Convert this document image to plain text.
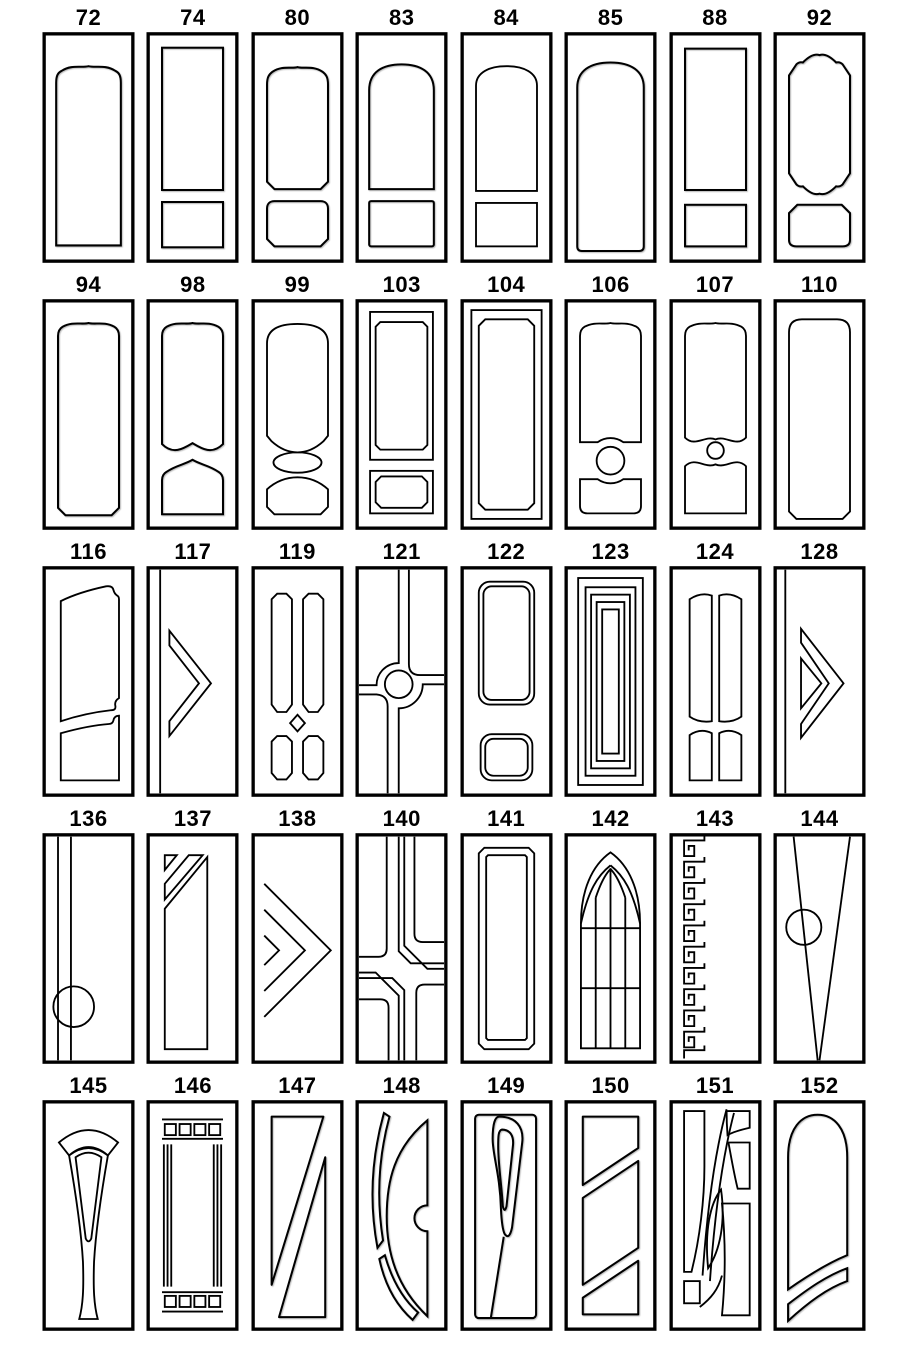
72	74	80	83	84	85	88	92
94	98	99	103	104	106	107	110
116	117	119	121	122	123	124	128
136	137	138	140	141	142	143	144
145	146	147	148	149	150	151	152
